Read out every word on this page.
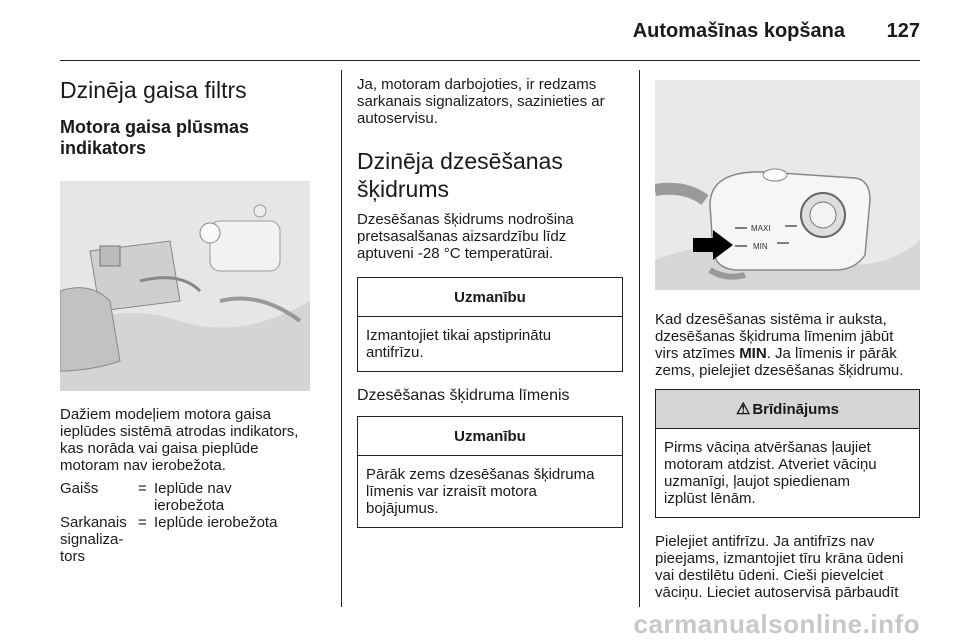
Automašīnas kopšana 127
Dzinēja gaisa filtrs
Motora gaisa plūsmas
indikators

Dažiem modeļiem motora gaisa

ieplūdes sistēmā atrodas indikators,

kas norāda vai gaisa pieplūde

motoram nav ierobežota.

Gaišs	= Ieplūde nav
ierobežota
Sarkanais
signaliza-
tors
= Ieplūde ierobežota

Ja, motoram darbojoties, ir redzams

sarkanais signalizators, sazinieties ar

autoservisu.

Dzinēja dzesēšanas
šķidrums

Dzesēšanas šķidrums nodrošina

pretsasalšanas aizsardzību līdz

aptuveni -28 °C temperatūrai.

Uzmanību
Izmantojiet tikai apstiprinātu
antifrīzu.
Dzesēšanas šķidruma līmenis
Uzmanību
Pārāk zems dzesēšanas šķidruma
līmenis var izraisīt motora
bojājumus.
MAXI
MIN

Kad dzesēšanas sistēma ir auksta,

dzesēšanas šķidruma līmenim jābūt

virs atzīmes MIN. Ja līmenis ir pārāk

zems, pielejiet dzesēšanas šķidrumu.

⚠ Brīdinājums
Pirms vāciņa atvēršanas ļaujiet
motoram atdzist. Atveriet vāciņu
uzmanīgi, ļaujot spiedienam
izplūst lēnām.

Pielejiet antifrīzu. Ja antifrīzs nav

pieejams, izmantojiet tīru krāna ūdeni

vai destilētu ūdeni. Cieši pievelciet

vāciņu. Lieciet autoservisā pārbaudīt

carmanualsonline.info
